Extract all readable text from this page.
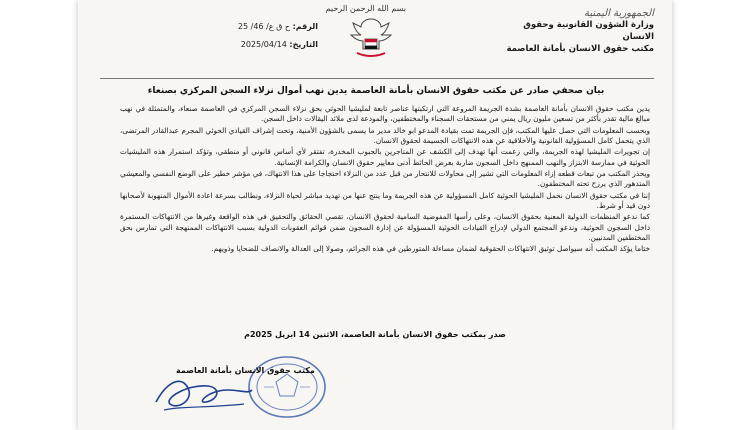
الجمهورية اليمنية
وزارة الشؤون القانونية وحقوق الانسان
مكتب حقوق الانسان بأمانة العاصمة
بسم الله الرحمن الرحيم
الرقم: ح ق ع/ 46/ 25
التاريخ: 2025/04/14
بيان صحفي صادر عن مكتب حقوق الانسان بأمانة العاصمة يدين نهب أموال نزلاء السجن المركزي بصنعاء

يدين مكتب حقوق الانسان بأمانة العاصمة بشدة الجريمة المروعة التي ارتكبتها عناصر تابعة لمليشيا الحوثي بحق نزلاء السجن المركزي في العاصمة صنعاء، والمتمثلة في نهب مبالغ مالية تقدر بأكثر من تسعين مليون ريال يمني من مستحقات السجناء والمختطفين، والمودعة لدى ملائد اليقالات داخل السجن.

وبحسب المعلومات التي حصل عليها المكتب، فإن الجريمة تمت بقيادة المدعو ابو خالد مدير ما يسمى بالشؤون الأمنية، وتحت إشراف القيادي الحوثي المجرم عبدالقادر المرتضى، الذي يتحمل كامل المسؤولية القانونية والأخلاقية عن هذه الانتهاكات الجسيمة لحقوق الانسان.

إن تجويرات المليشيا لهذه الجريمة، والتي زعمت أنها تهدف إلى الكشف عن المتاجرين بالحبوب المخدرة، تفتقر لأي أساس قانوني أو منطقي، وتؤكد استمرار هذه المليشيات الحوثية في ممارسة الابتزاز والنهب الممنهج داخل السجون ضاربة بعرض الحائط أدنى معايير حقوق الانسان والكرامة الإنسانية.

ويحذر المكتب من تبعات قطعه إزاء المعلومات التي تشير إلى محاولات للانتحار من قبل عدد من النزلاء احتجاجا على هذا الانتهاك، في مؤشر خطير على الوضع النفسي والمعيشي المتدهور الذي يرزح تحته المختطفون.

إننا في مكتب حقوق الانسان نحمل المليشيا الحوثية كامل المسؤولية عن هذه الجريمة وما ينتج عنها من تهديد مباشر لحياة النزلاء، ونطالب بسرعة اعادة الأموال المنهوبة لأصحابها دون قيد أو شرط.

كما ندعو المنظمات الدولية المعنية بحقوق الانسان، وعلى رأسها المفوضية السامية لحقوق الانسان، تقصي الحقائق والتحقيق في هذه الواقعة وغيرها من الانتهاكات المستمرة داخل السجون الحوثية، وندعو المجتمع الدولي لإدراج القيادات الحوثية المسؤولة عن إدارة السجون ضمن قوائم العقوبات الدولية بسبب الانتهاكات الممنهجة التي تمارس بحق المختطفين المدنيين.

ختاما يؤكد المكتب أنه سيواصل توثيق الانتهاكات الحقوقية لضمان مساءلة المتورطين في هذه الجرائم، وصولا إلى العدالة والانصاف للضحايا وذويهم.

صدر بمكتب حقوق الانسان بأمانة العاصمة، الاثنين 14 ابريل 2025م
مكتب حقوق الانسان بأمانة العاصمة
